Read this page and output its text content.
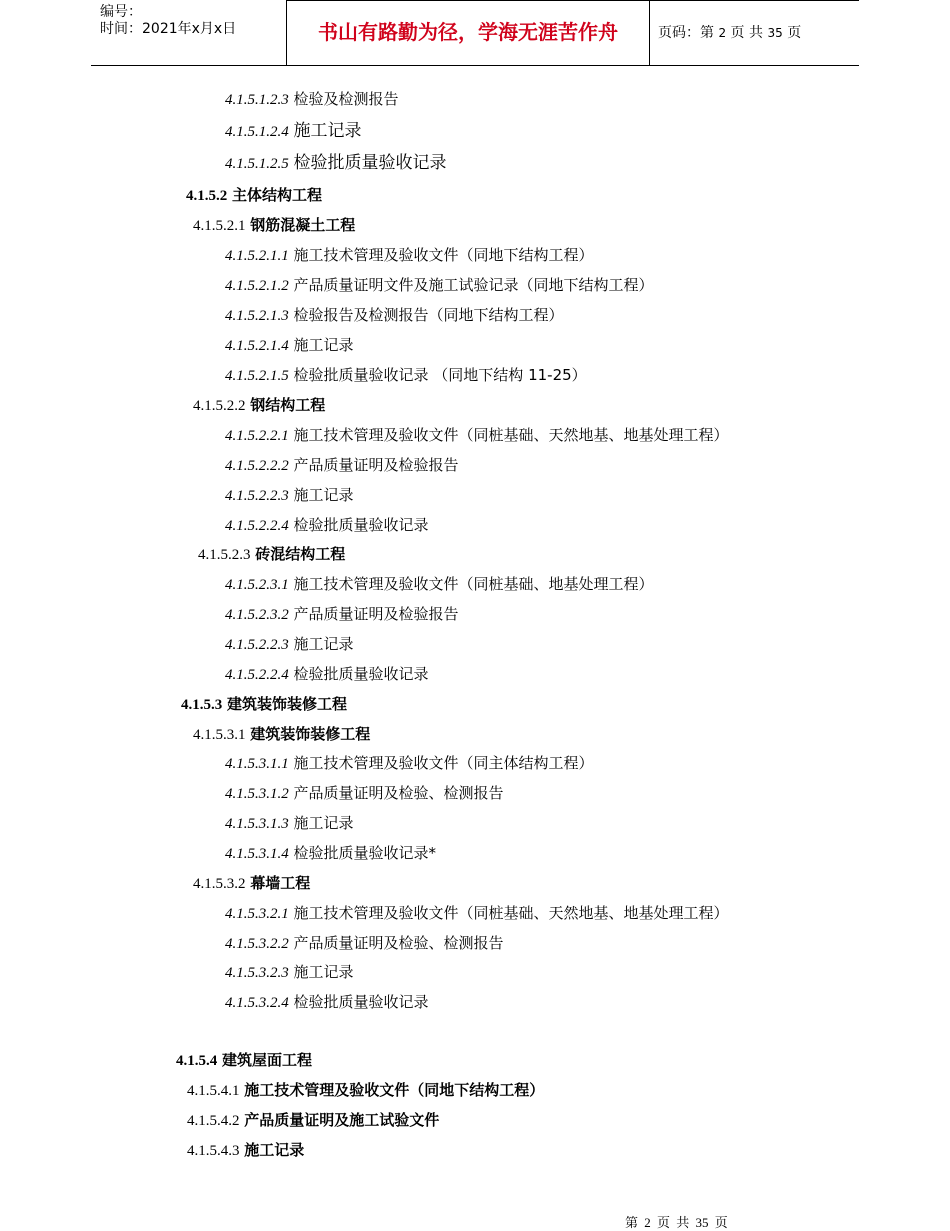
编号：
时间：2021年x月x日	书山有路勤为径，学海无涯苦作舟	页码：第 2 页 共 35 页
4.1.5.1.2.3 检验及检测报告
4.1.5.1.2.4 施工记录
4.1.5.1.2.5 检验批质量验收记录
4.1.5.2 主体结构工程
4.1.5.2.1 钢筋混凝土工程
4.1.5.2.1.1 施工技术管理及验收文件（同地下结构工程）
4.1.5.2.1.2 产品质量证明文件及施工试验记录（同地下结构工程）
4.1.5.2.1.3 检验报告及检测报告（同地下结构工程）
4.1.5.2.1.4 施工记录
4.1.5.2.1.5 检验批质量验收记录 （同地下结构 11-25）
4.1.5.2.2 钢结构工程
4.1.5.2.2.1 施工技术管理及验收文件（同桩基础、天然地基、地基处理工程）
4.1.5.2.2.2 产品质量证明及检验报告
4.1.5.2.2.3 施工记录
4.1.5.2.2.4 检验批质量验收记录
4.1.5.2.3 砖混结构工程
4.1.5.2.3.1 施工技术管理及验收文件（同桩基础、地基处理工程）
4.1.5.2.3.2 产品质量证明及检验报告
4.1.5.2.2.3 施工记录
4.1.5.2.2.4 检验批质量验收记录
4.1.5.3 建筑装饰装修工程
4.1.5.3.1 建筑装饰装修工程
4.1.5.3.1.1 施工技术管理及验收文件（同主体结构工程）
4.1.5.3.1.2 产品质量证明及检验、检测报告
4.1.5.3.1.3 施工记录
4.1.5.3.1.4 检验批质量验收记录*
4.1.5.3.2 幕墙工程
4.1.5.3.2.1 施工技术管理及验收文件（同桩基础、天然地基、地基处理工程）
4.1.5.3.2.2 产品质量证明及检验、检测报告
4.1.5.3.2.3 施工记录
4.1.5.3.2.4 检验批质量验收记录
4.1.5.4 建筑屋面工程
4.1.5.4.1 施工技术管理及验收文件（同地下结构工程）
4.1.5.4.2 产品质量证明及施工试验文件
4.1.5.4.3 施工记录
第 2 页 共 35 页
